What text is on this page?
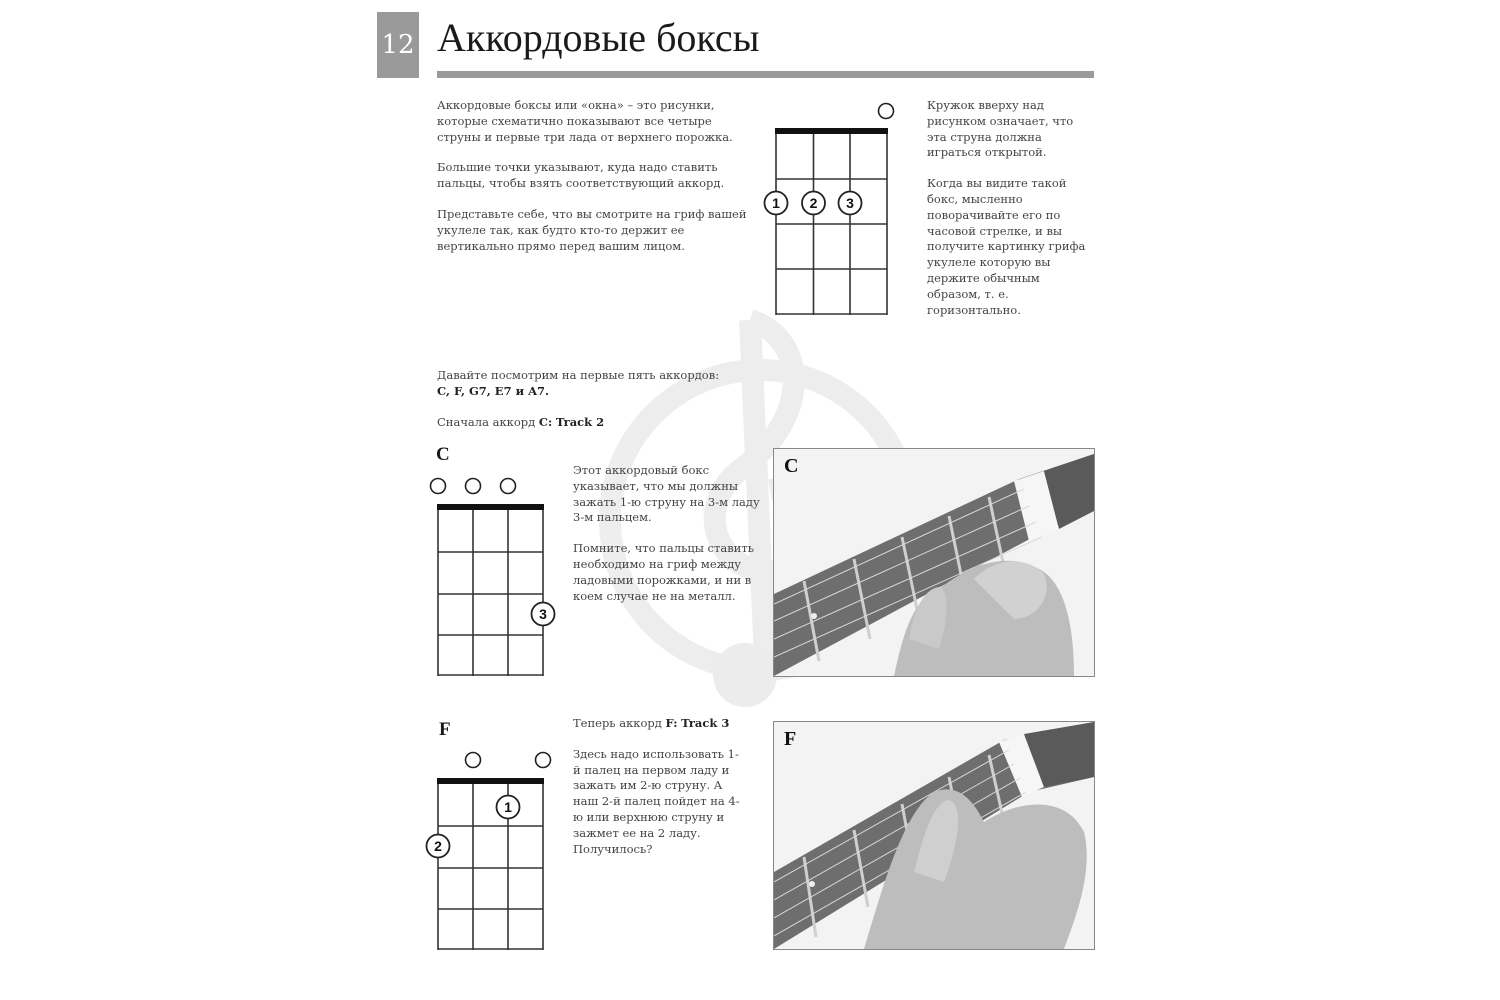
12 Аккордовые боксы

Аккордовые боксы или «окна» – это рисунки, которые схематично показывают все четыре струны и первые три лада от верхнего порожка.

Большие точки указывают, куда надо ставить пальцы, чтобы взять соответствующий аккорд.

Представьте себе, что вы смотрите на гриф вашей укулеле так, как будто кто-то держит ее вертикально прямо перед вашим лицом.

1 2 3

Кружок вверху над рисунком означает, что эта струна должна играться открытой.

Когда вы видите такой бокс, мысленно поворачивайте его по часовой стрелке, и вы получите картинку грифа укулеле которую вы держите обычным образом, т. е. горизонтально.

Давайте посмотрим на первые пять аккордов:
C, F, G7, E7 и A7.
Сначала аккорд C: Track 2
C
3

Этот аккордовый бокс указывает, что мы должны зажать 1-ю струну на 3-м ладу 3-м пальцем.

Помните, что пальцы ставить необходимо на гриф между ладовыми порожками, и ни в коем случае не на металл.

C
F
1
2

Теперь аккорд F: Track 3

Здесь надо использовать 1-й палец на первом ладу и зажать им 2-ю струну. А наш 2-й палец пойдет на 4-ю или верхнюю струну и зажмет ее на 2 ладу. Получилось?

F
